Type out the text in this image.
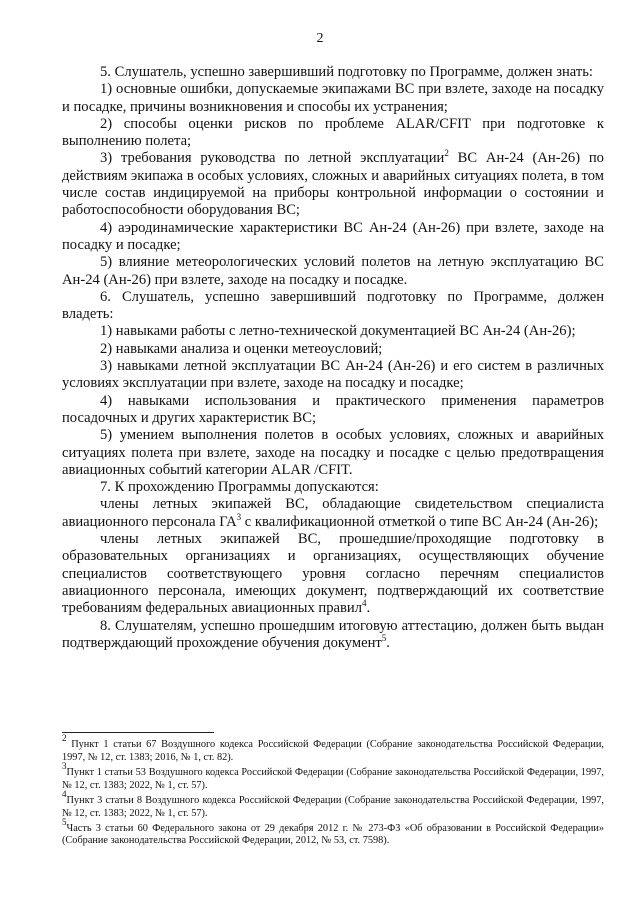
2

5. Слушатель, успешно завершивший подготовку по Программе, должен знать:

1) основные ошибки, допускаемые экипажами ВС при взлете, заходе на посадку и посадке, причины возникновения и способы их устранения;

2) способы оценки рисков по проблеме ALAR/CFIT при подготовке к выполнению полета;

3) требования руководства по летной эксплуатации$^2$ ВС Ан-24 (Ан-26) по действиям экипажа в особых условиях, сложных и аварийных ситуациях полета, в том числе состав индицируемой на приборы контрольной информации о состоянии и работоспособности оборудования ВС;

4) аэродинамические характеристики ВС Ан-24 (Ан-26) при взлете, заходе на посадку и посадке;

5) влияние метеорологических условий полетов на летную эксплуатацию ВС Ан-24 (Ан-26) при взлете, заходе на посадку и посадке.

6. Слушатель, успешно завершивший подготовку по Программе, должен владеть:

1) навыками работы с летно-технической документацией ВС Ан-24 (Ан-26);

2) навыками анализа и оценки метеоусловий;

3) навыками летной эксплуатации ВС Ан-24 (Ан-26) и его систем в различных условиях эксплуатации при взлете, заходе на посадку и посадке;

4) навыками использования и практического применения параметров посадочных и других характеристик ВС;

5) умением выполнения полетов в особых условиях, сложных и аварийных ситуациях полета при взлете, заходе на посадку и посадке с целью предотвращения авиационных событий категории ALAR /CFIT.

7. К прохождению Программы допускаются:

члены летных экипажей ВС, обладающие свидетельством специалиста авиационного персонала $ГА^3$ с квалификационной отметкой о типе ВС Ан-24 (Ан-26);

члены летных экипажей ВС, прошедшие/проходящие подготовку в образовательных организациях и организациях, осуществляющих обучение специалистов соответствующего уровня согласно перечням специалистов авиационного персонала, имеющих документ, подтверждающий их соответствие требованиям федеральных авиационных правил$^4$.

8. Слушателям, успешно прошедшим итоговую аттестацию, должен быть выдан подтверждающий прохождение обучения документ$^5$.

$^2$ Пункт 1 статьи 67 Воздушного кодекса Российской Федерации (Собрание законодательства Российской Федерации, 1997, № 12, ст. 1383; 2016, № 1, ст. 82).

$^3$Пункт 1 статьи 53 Воздушного кодекса Российской Федерации (Собрание законодательства Российской Федерации, 1997, № 12, ст. 1383; 2022, № 1, ст. 57).

$^4$Пункт 3 статьи 8 Воздушного кодекса Российской Федерации (Собрание законодательства Российской Федерации, 1997, № 12, ст. 1383; 2022, № 1, ст. 57).

$^5$Часть 3 статьи 60 Федерального закона от 29 декабря 2012 г. № 273-ФЗ «Об образовании в Российской Федерации» (Собрание законодательства Российской Федерации, 2012, № 53, ст. 7598).
